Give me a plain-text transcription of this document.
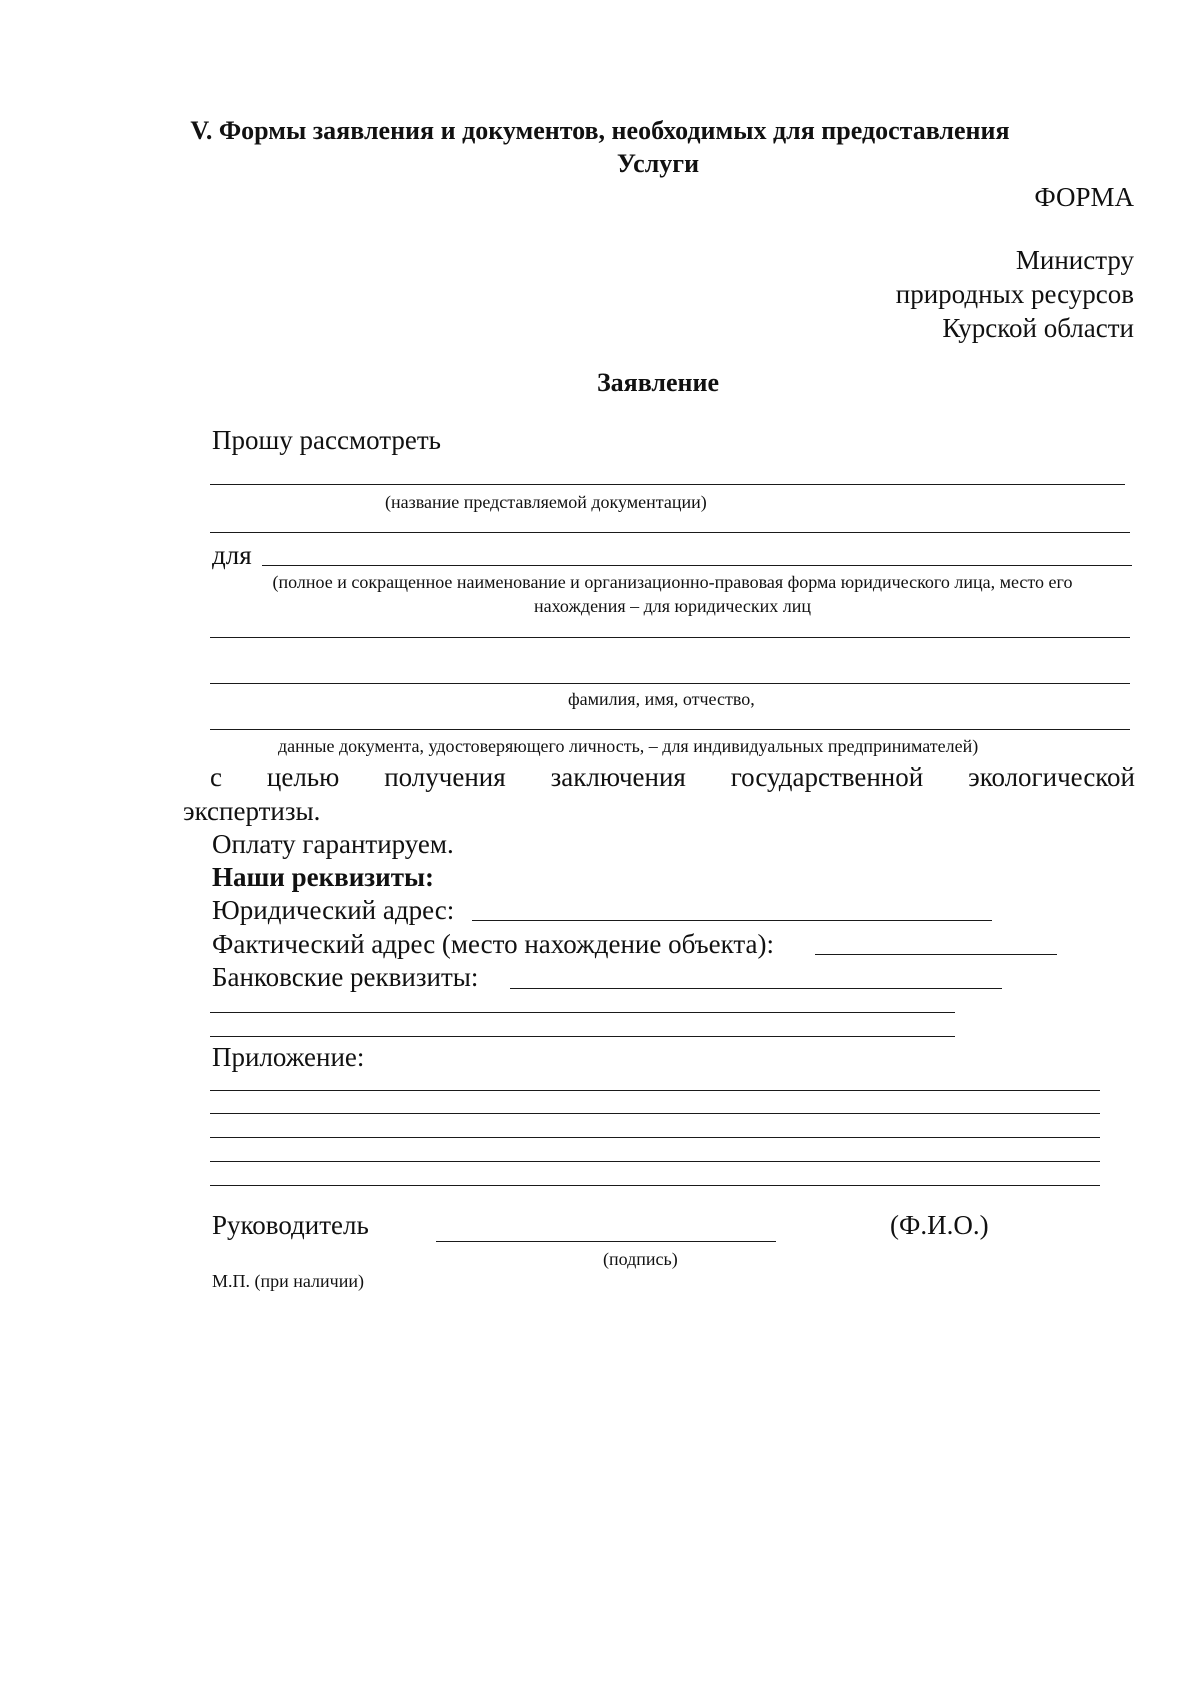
V. Формы заявления и документов, необходимых для предоставления
Услуги
ФОРМА
Министру
природных ресурсов
Курской области
Заявление
Прошу рассмотреть
(название представляемой документации)
для
(полное и сокращенное наименование и организационно-правовая форма юридического лица, место его
нахождения – для юридических лиц
фамилия, имя, отчество,
данные документа, удостоверяющего личность, – для индивидуальных предпринимателей)
с целью получения заключения государственной экологической
экспертизы.
Оплату гарантируем.
Наши реквизиты:
Юридический адрес:
Фактический адрес (место нахождение объекта):
Банковские реквизиты:
Приложение:
Руководитель
(подпись)
(Ф.И.О.)
М.П. (при наличии)
